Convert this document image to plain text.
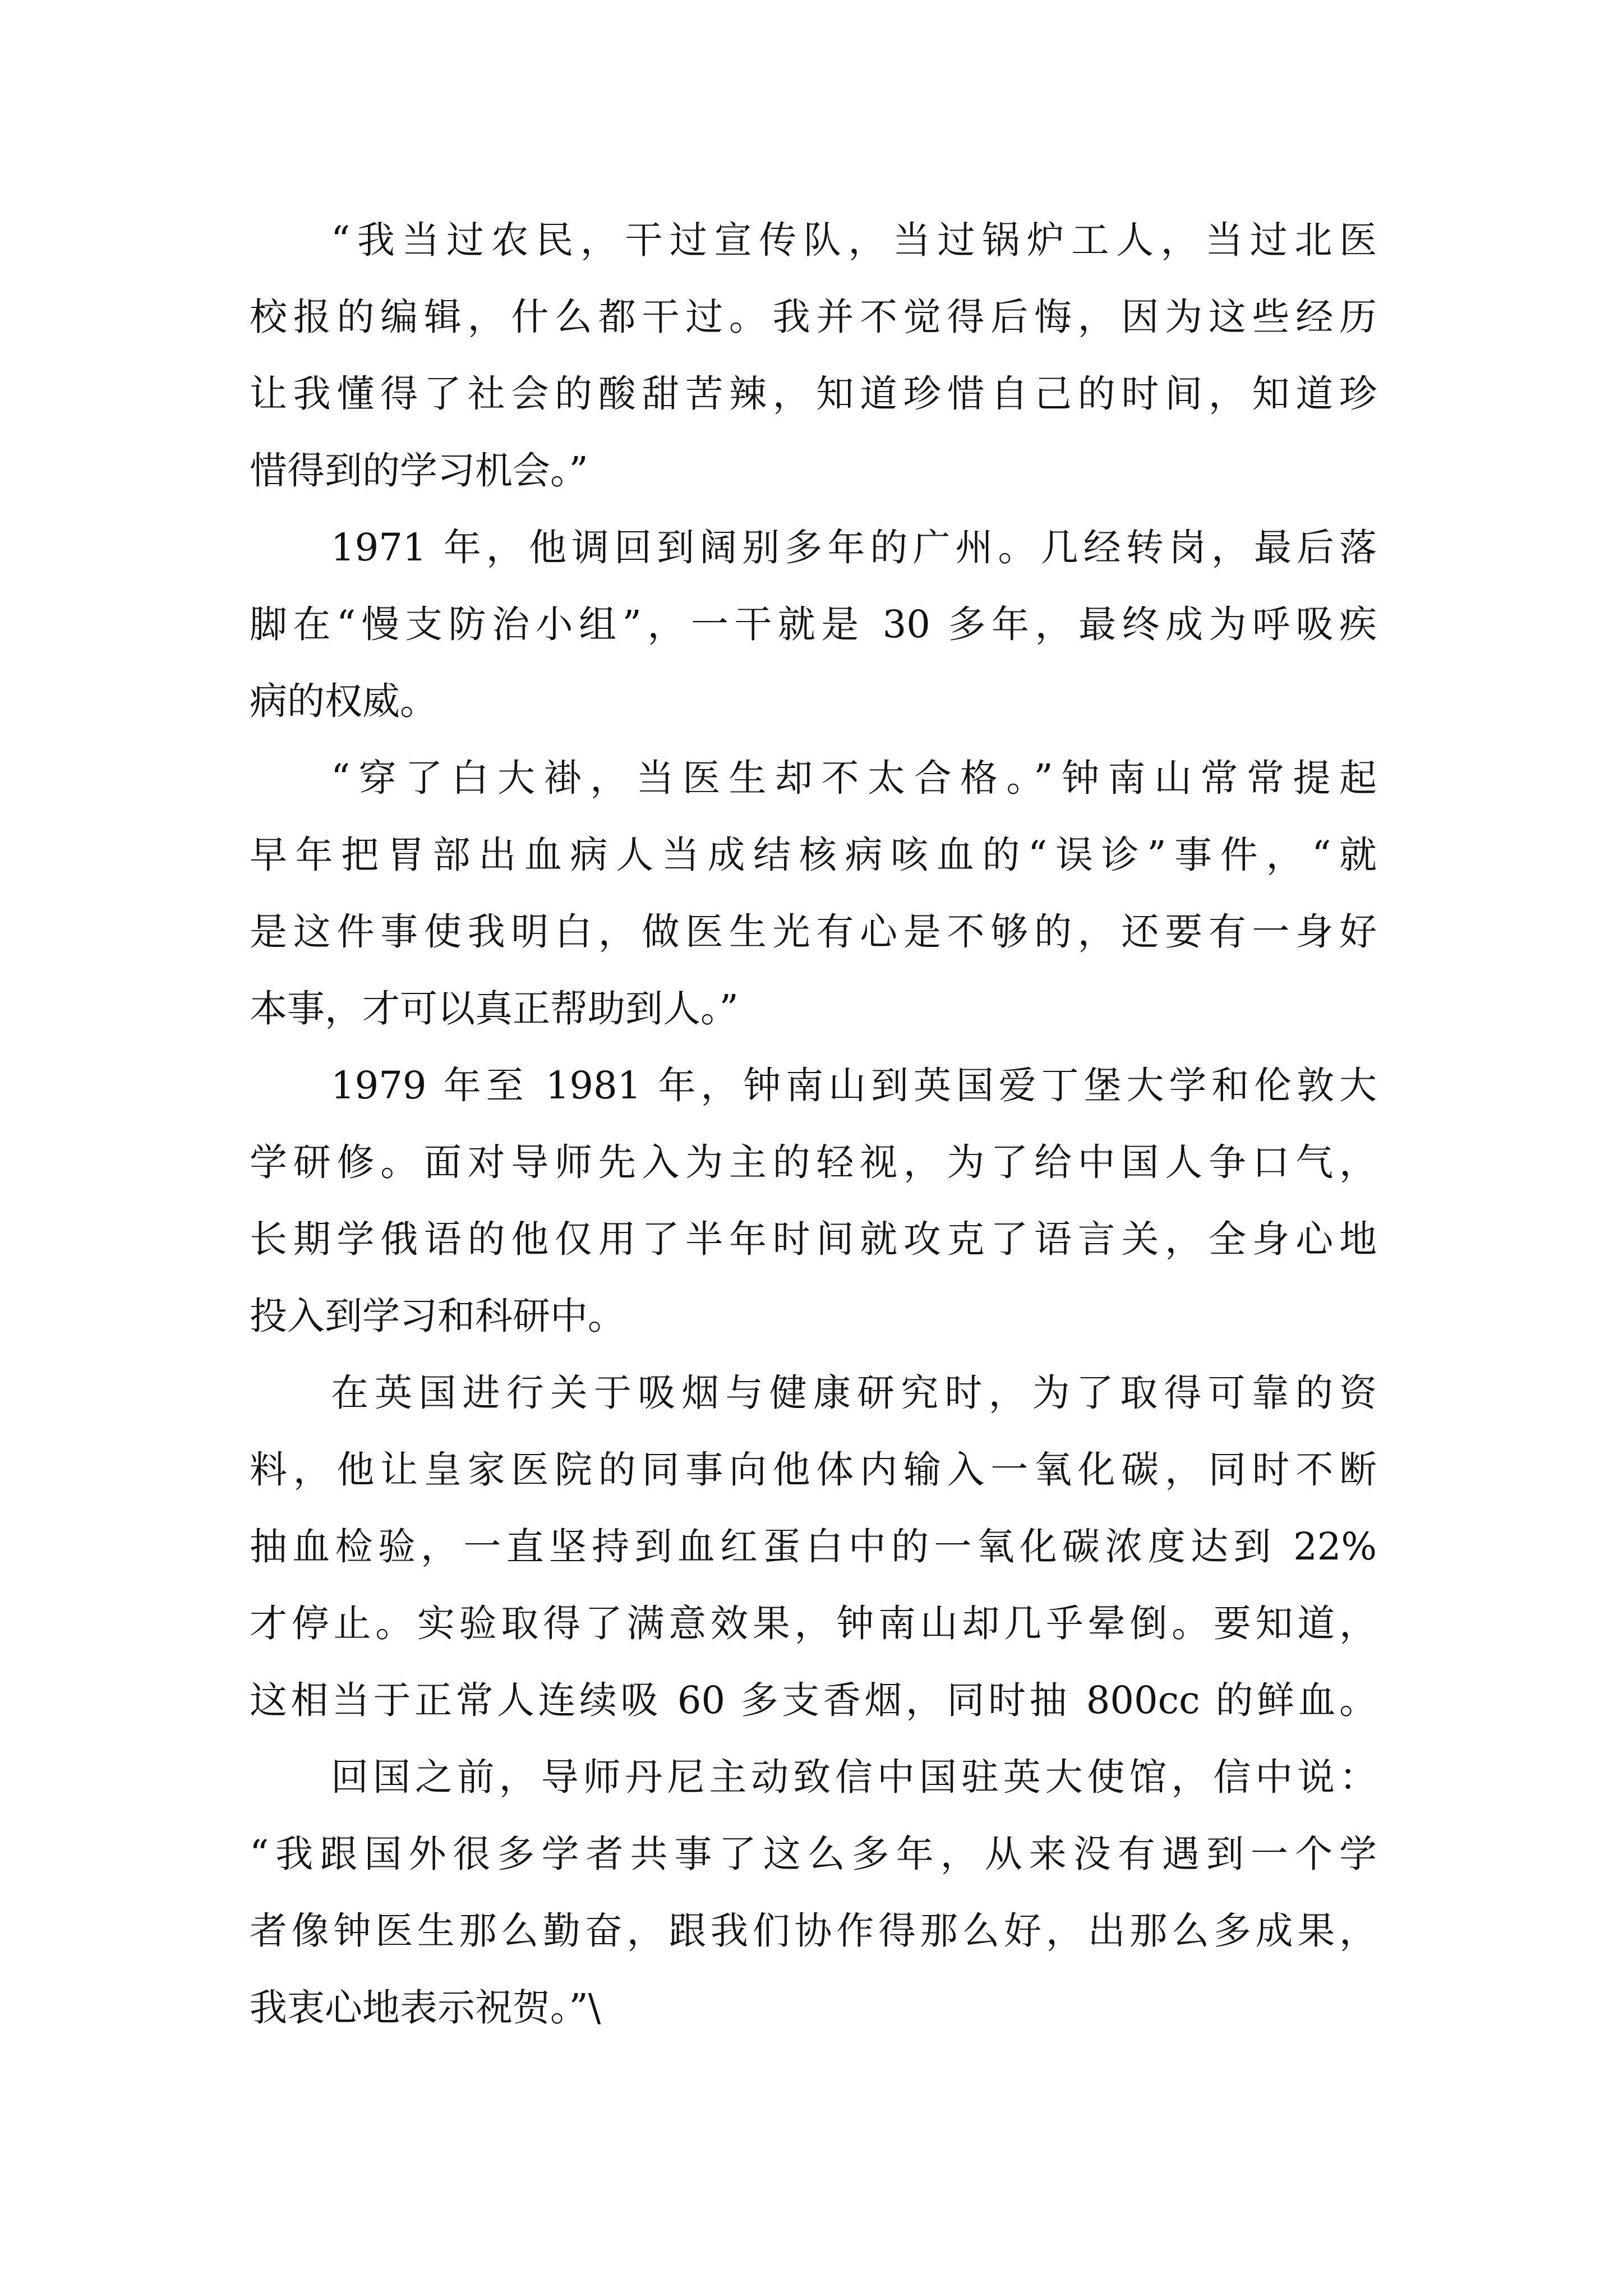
“我当过农民，干过宣传队，当过锅炉工人，当过北医
校报的编辑，什么都干过。我并不觉得后悔，因为这些经历
让我懂得了社会的酸甜苦辣，知道珍惜自己的时间，知道珍
惜得到的学习机会。”
1971 年，他调回到阔别多年的广州。几经转岗，最后落
脚在“慢支防治小组”，一干就是 30 多年，最终成为呼吸疾
病的权威。
“穿了白大褂，当医生却不太合格。”钟南山常常提起
早年把胃部出血病人当成结核病咳血的“误诊”事件，“就
是这件事使我明白，做医生光有心是不够的，还要有一身好
本事，才可以真正帮助到人。”
1979 年至 1981 年，钟南山到英国爱丁堡大学和伦敦大
学研修。面对导师先入为主的轻视，为了给中国人争口气，
长期学俄语的他仅用了半年时间就攻克了语言关，全身心地
投入到学习和科研中。
在英国进行关于吸烟与健康研究时，为了取得可靠的资
料，他让皇家医院的同事向他体内输入一氧化碳，同时不断
抽血检验，一直坚持到血红蛋白中的一氧化碳浓度达到 22%
才停止。实验取得了满意效果，钟南山却几乎晕倒。要知道，
这相当于正常人连续吸 60 多支香烟，同时抽 800cc 的鲜血。
回国之前，导师丹尼主动致信中国驻英大使馆，信中说：
“我跟国外很多学者共事了这么多年，从来没有遇到一个学
者像钟医生那么勤奋，跟我们协作得那么好，出那么多成果，
我衷心地表示祝贺。”\
